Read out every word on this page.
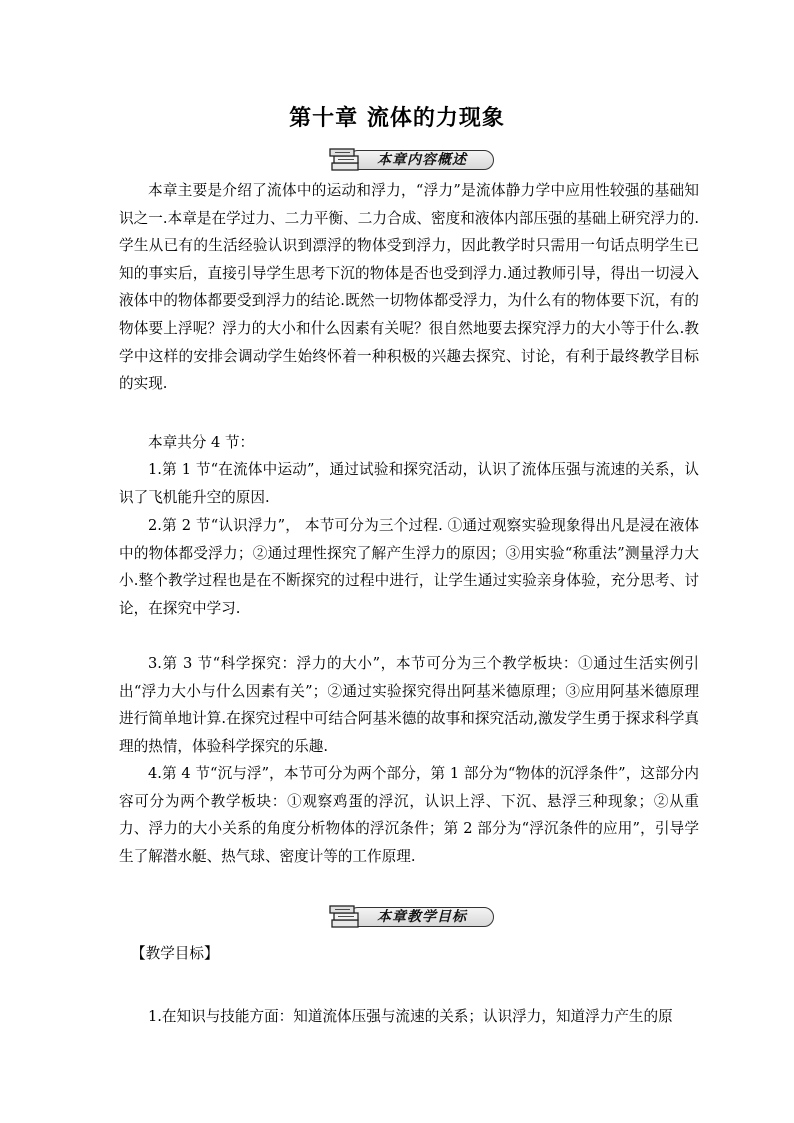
第十章 流体的力现象
本章内容概述

本章主要是介绍了流体中的运动和浮力，“浮力”是流体静力学中应用性较强的基础知识之一.本章是在学过力、二力平衡、二力合成、密度和液体内部压强的基础上研究浮力的.学生从已有的生活经验认识到漂浮的物体受到浮力，因此教学时只需用一句话点明学生已知的事实后，直接引导学生思考下沉的物体是否也受到浮力.通过教师引导，得出一切浸入液体中的物体都要受到浮力的结论.既然一切物体都受浮力，为什么有的物体要下沉，有的物体要上浮呢？浮力的大小和什么因素有关呢？很自然地要去探究浮力的大小等于什么.教学中这样的安排会调动学生始终怀着一种积极的兴趣去探究、讨论，有利于最终教学目标的实现.

本章共分 4 节：

1.第 1 节“在流体中运动”，通过试验和探究活动，认识了流体压强与流速的关系，认识了飞机能升空的原因.

2.第 2 节“认识浮力”， 本节可分为三个过程. ①通过观察实验现象得出凡是浸在液体中的物体都受浮力；②通过理性探究了解产生浮力的原因；③用实验“称重法”测量浮力大小.整个教学过程也是在不断探究的过程中进行，让学生通过实验亲身体验，充分思考、讨论，在探究中学习.

3.第 3 节“科学探究：浮力的大小”，本节可分为三个教学板块：①通过生活实例引出“浮力大小与什么因素有关”；②通过实验探究得出阿基米德原理；③应用阿基米德原理进行简单地计算.在探究过程中可结合阿基米德的故事和探究活动,激发学生勇于探求科学真理的热情，体验科学探究的乐趣.

4.第 4 节“沉与浮”，本节可分为两个部分，第 1 部分为“物体的沉浮条件”，这部分内容可分为两个教学板块：①观察鸡蛋的浮沉，认识上浮、下沉、悬浮三种现象；②从重力、浮力的大小关系的角度分析物体的浮沉条件；第 2 部分为“浮沉条件的应用”，引导学生了解潜水艇、热气球、密度计等的工作原理.

本章教学目标

【教学目标】

1.在知识与技能方面：知道流体压强与流速的关系；认识浮力，知道浮力产生的原
